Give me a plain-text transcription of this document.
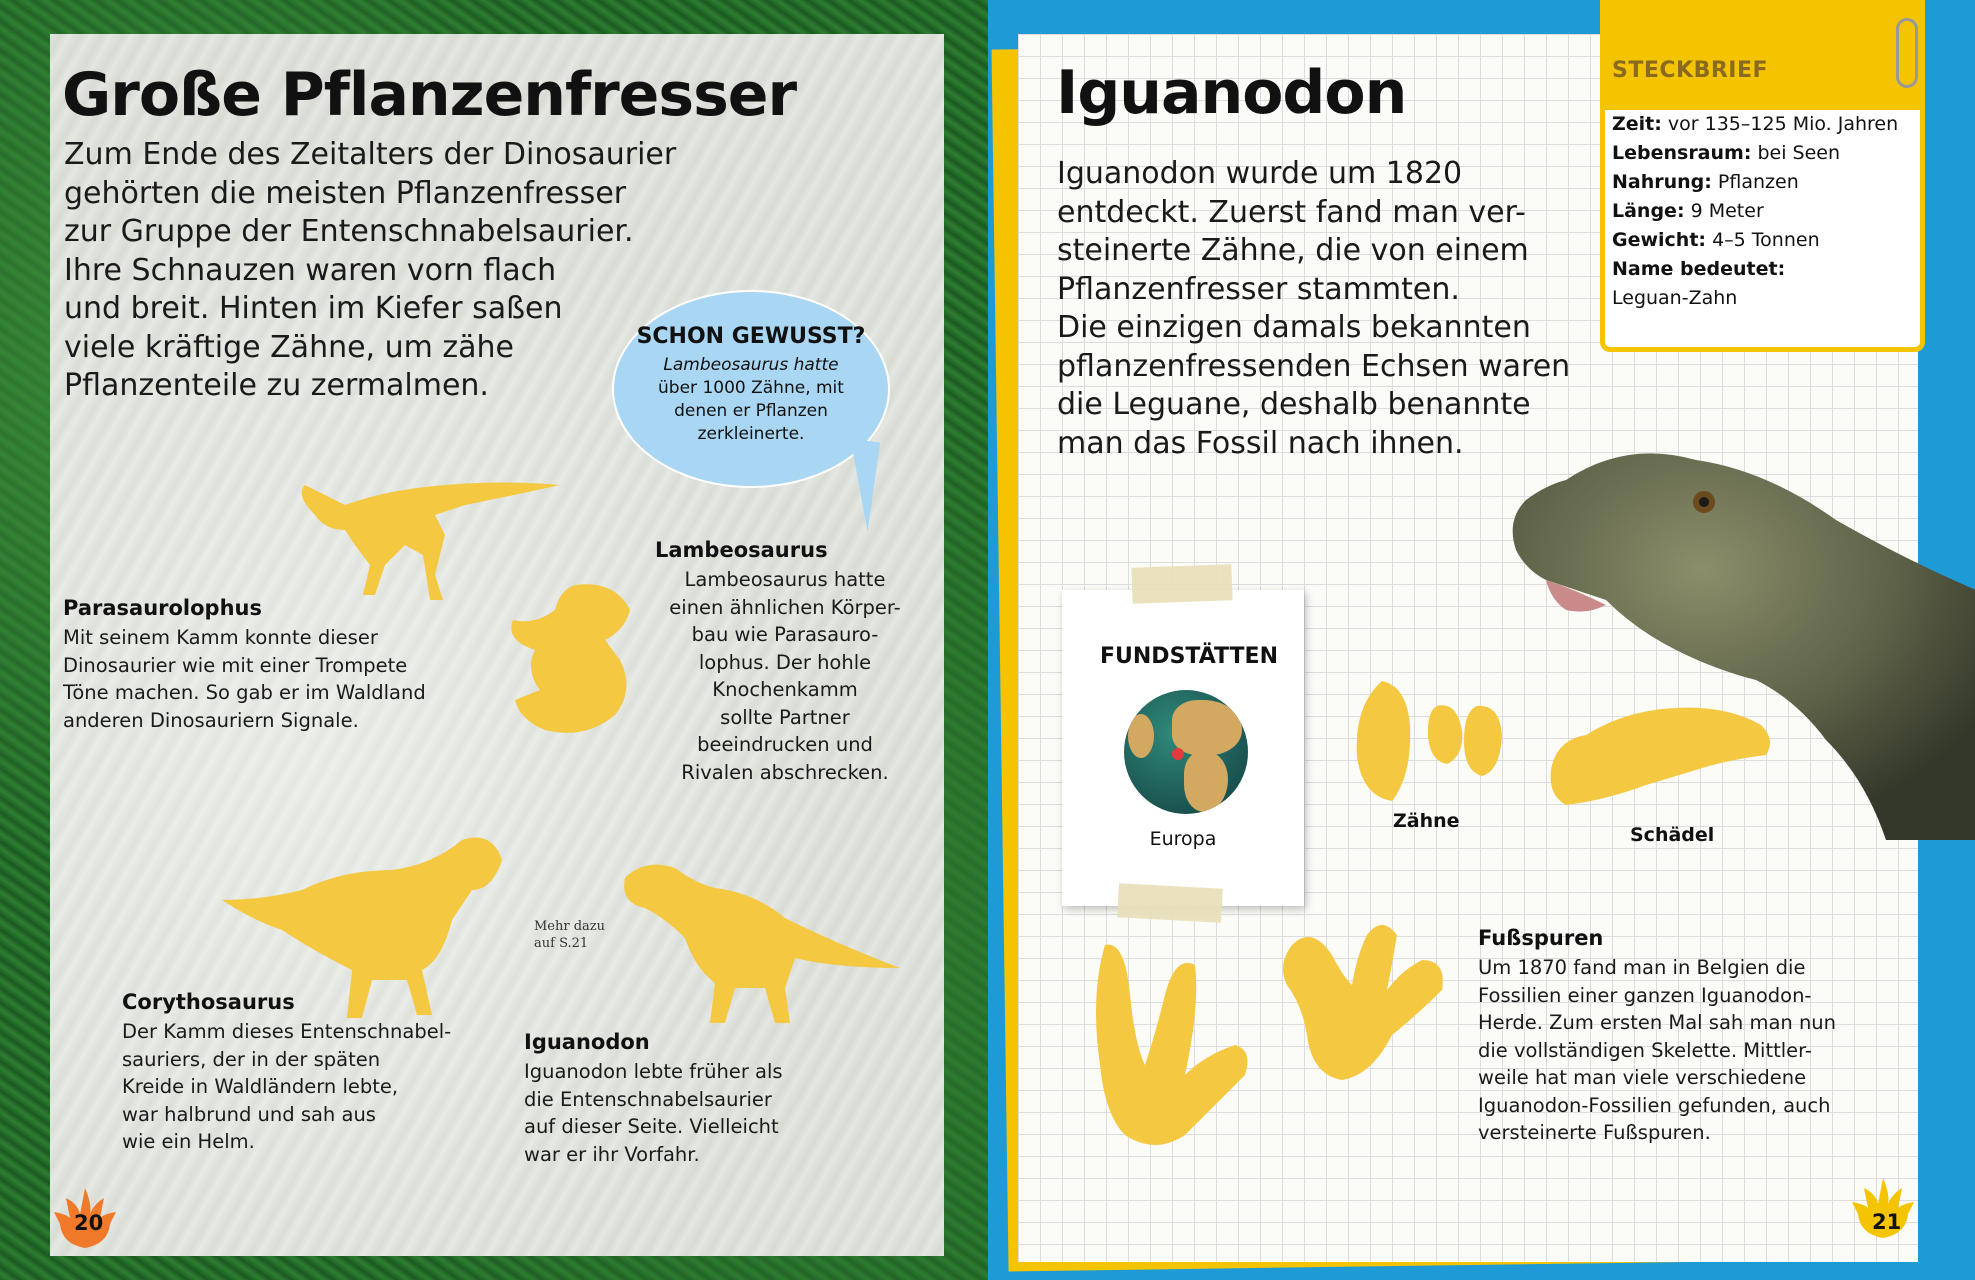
Große Pflanzenfresser
Zum Ende des Zeitalters der Dinosaurier
gehörten die meisten Pflanzenfresser
zur Gruppe der Entenschnabelsaurier.
Ihre Schnauzen waren vorn flach
und breit. Hinten im Kiefer saßen
viele kräftige Zähne, um zähe
Pflanzenteile zu zermalmen.
SCHON GEWUSST?
Lambeosaurus hatte
über 1000 Zähne, mit
denen er Pflanzen
zerkleinerte.
Parasaurolophus
Mit seinem Kamm konnte dieser
Dinosaurier wie mit einer Trompete
Töne machen. So gab er im Waldland
anderen Dinosauriern Signale.
Lambeosaurus
Lambeosaurus hatte
einen ähnlichen Körper-
bau wie Parasauro-
lophus. Der hohle
Knochenkamm
sollte Partner
beeindrucken und
Rivalen abschrecken.
Mehr dazu
auf S.21
Corythosaurus
Der Kamm dieses Entenschnabel-
sauriers, der in der späten
Kreide in Waldländern lebte,
war halbrund und sah aus
wie ein Helm.
Iguanodon
Iguanodon lebte früher als
die Entenschnabelsaurier
auf dieser Seite. Vielleicht
war er ihr Vorfahr.
20
Iguanodon
Iguanodon wurde um 1820
entdeckt. Zuerst fand man ver-
steinerte Zähne, die von einem
Pflanzenfresser stammten.
Die einzigen damals bekannten
pflanzenfressenden Echsen waren
die Leguane, deshalb benannte
man das Fossil nach ihnen.
STECKBRIEF
Zeit: vor 135–125 Mio. Jahren
Lebensraum: bei Seen
Nahrung: Pflanzen
Länge: 9 Meter
Gewicht: 4–5 Tonnen
Name bedeutet:
Leguan-Zahn
FUNDSTÄTTEN
Europa
Zähne
Schädel
Fußspuren
Um 1870 fand man in Belgien die
Fossilien einer ganzen Iguanodon-
Herde. Zum ersten Mal sah man nun
die vollständigen Skelette. Mittler-
weile hat man viele verschiedene
Iguanodon-Fossilien gefunden, auch
versteinerte Fußspuren.
21
